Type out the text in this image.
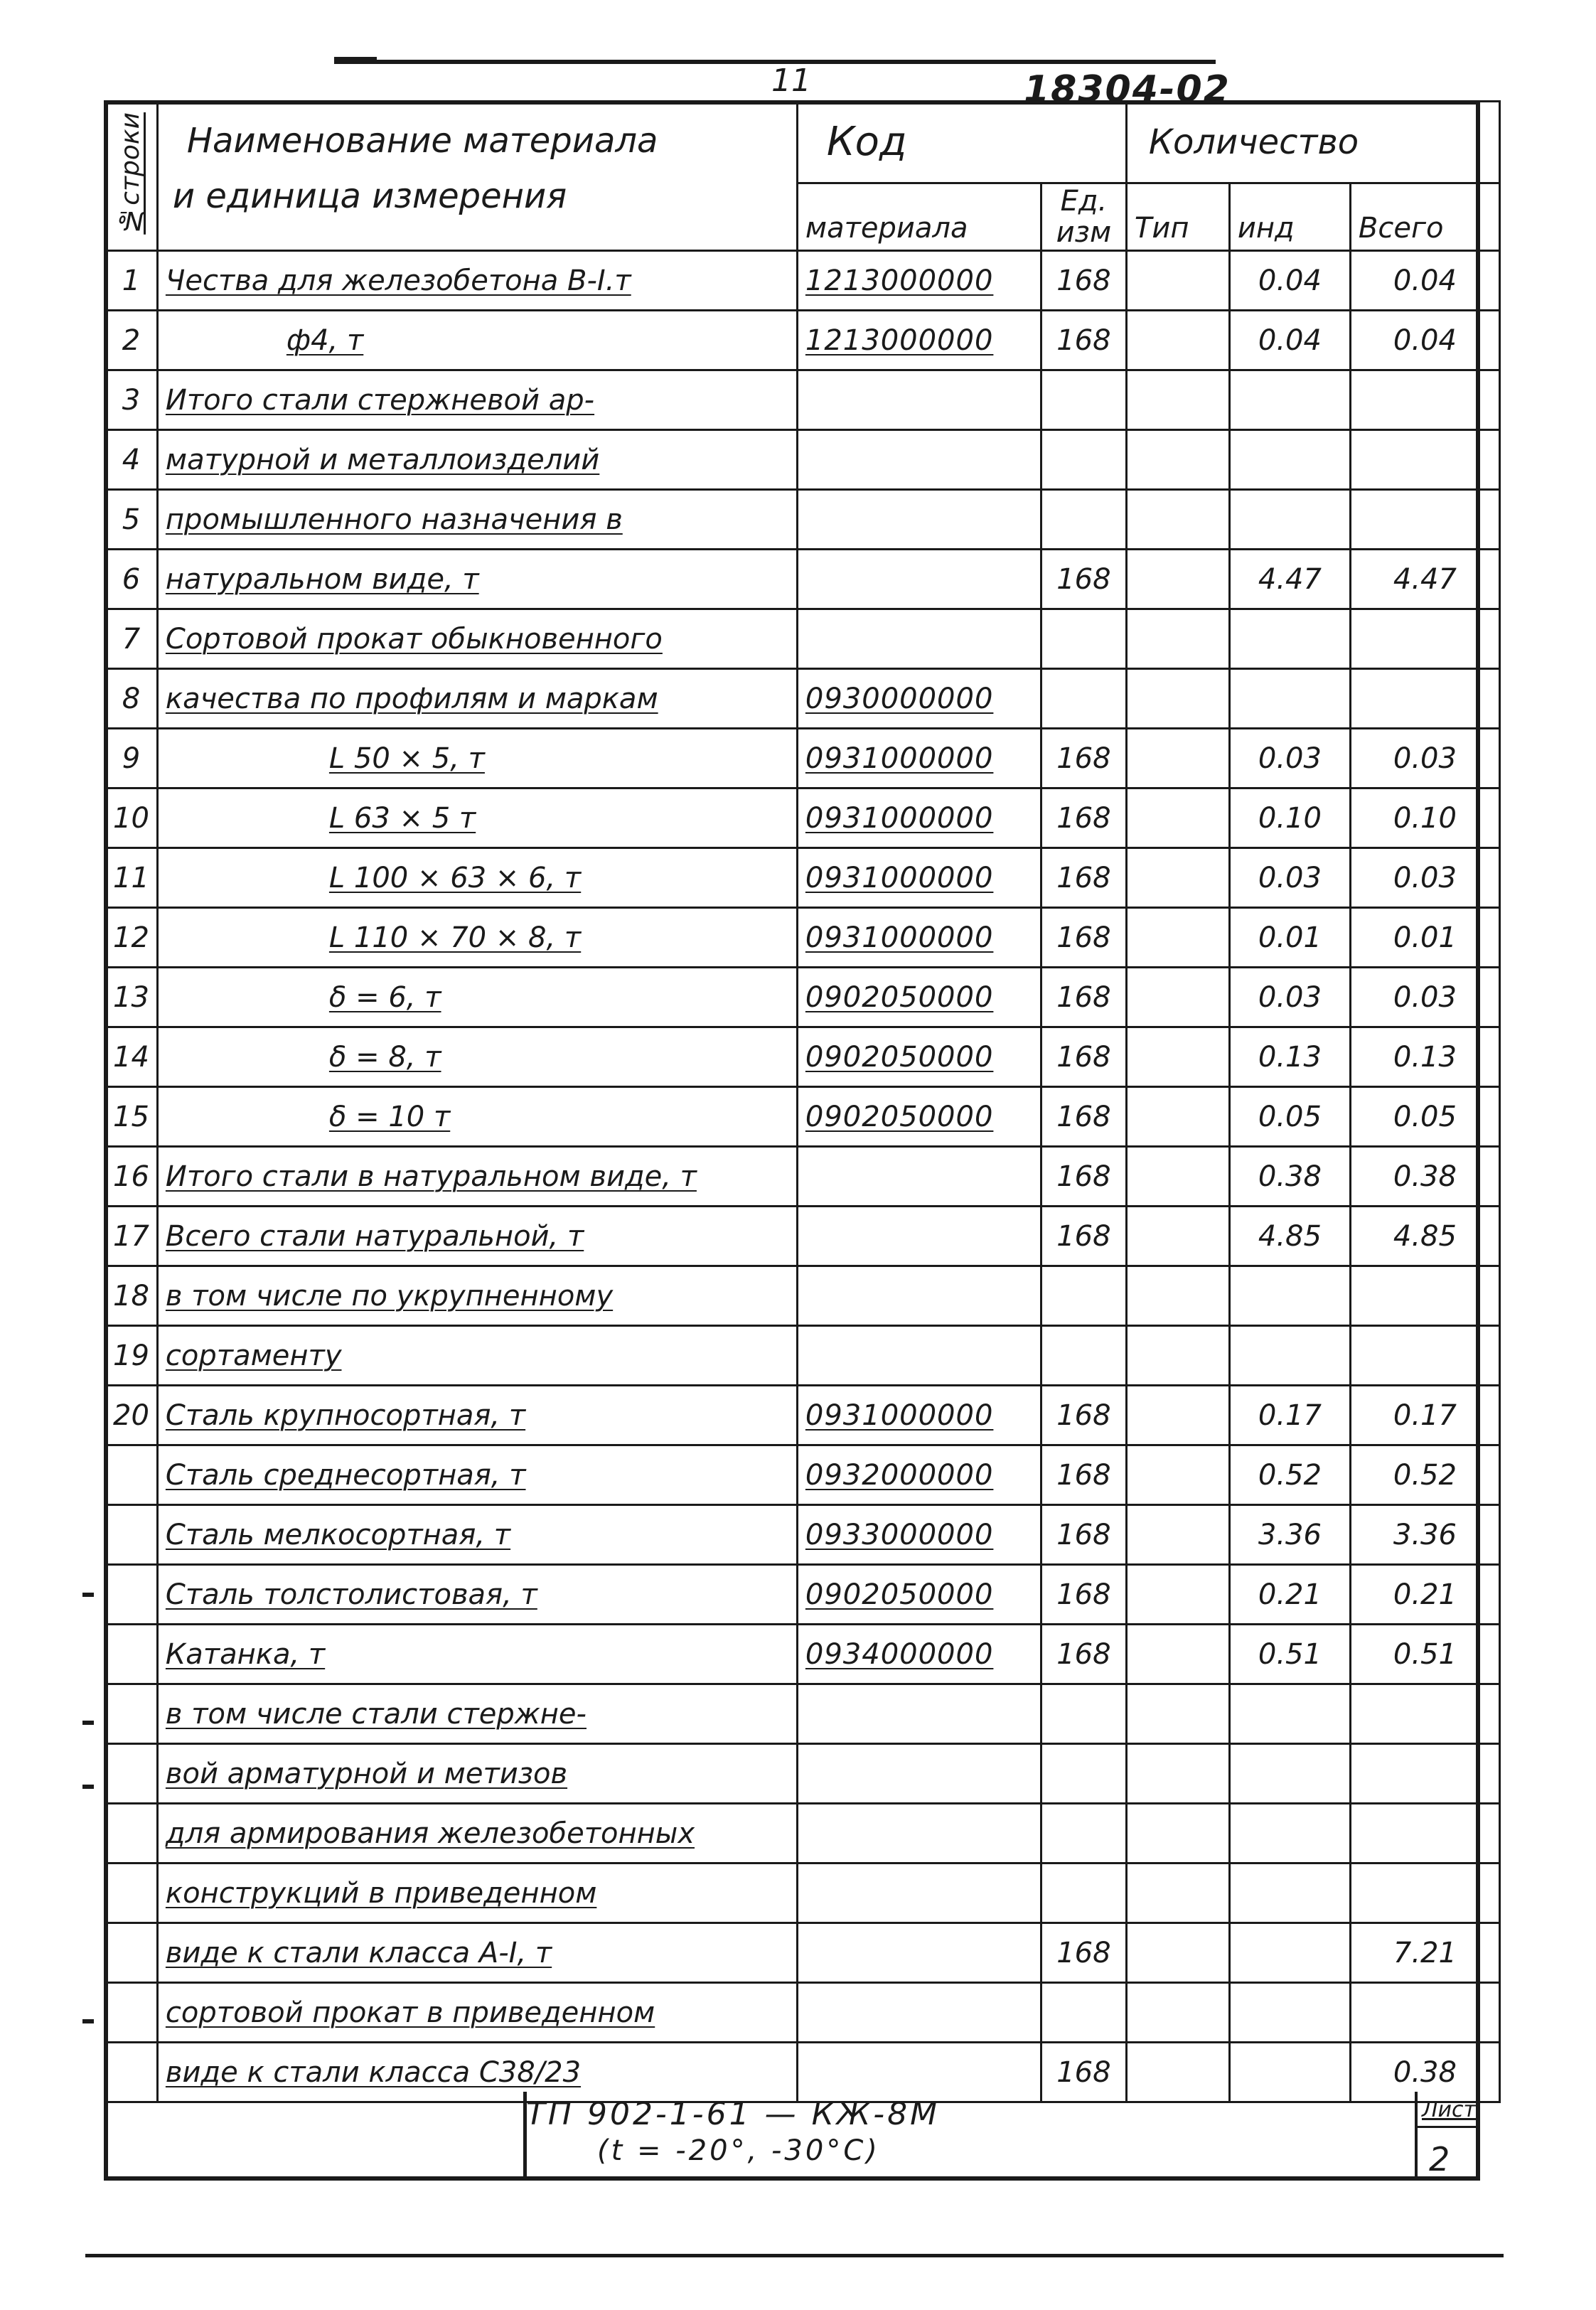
11	18304-02
№строки	Наименование материала
и единица измерения	Код		Количество		
		материала	Ед.
изм	Тип	инд	Всего
1	Чества для железобетона В-I.т	1213000000	168		0.04	0.04
2	ф4, т	1213000000	168		0.04	0.04
3	Итого стали стержневой ар-					
4	матурной и металлоизделий					
5	промышленного назначения в					
6	натуральном виде, т		168		4.47	4.47
7	Сортовой прокат обыкновенного					
8	качества по профилям и маркам	0930000000				
9	L 50 × 5, т	0931000000	168		0.03	0.03
10	L 63 × 5 т	0931000000	168		0.10	0.10
11	L 100 × 63 × 6, т	0931000000	168		0.03	0.03
12	L 110 × 70 × 8, т	0931000000	168		0.01	0.01
13	δ = 6, т	0902050000	168		0.03	0.03
14	δ = 8, т	0902050000	168		0.13	0.13
15	δ = 10 т	0902050000	168		0.05	0.05
16	Итого стали в натуральном виде, т		168		0.38	0.38
17	Всего стали натуральной, т		168		4.85	4.85
18	в том числе по укрупненному					
19	сортаменту					
20	Сталь крупносортная, т	0931000000	168		0.17	0.17
	Сталь среднесортная, т	0932000000	168		0.52	0.52
	Сталь мелкосортная, т	0933000000	168		3.36	3.36
	Сталь толстолистовая, т	0902050000	168		0.21	0.21
	Катанка, т	0934000000	168		0.51	0.51
	в том числе стали стержне-					
	вой арматурной и метизов					
	для армирования железобетонных					
	конструкций в приведенном					
	виде к стали класса А-I, т		168			7.21
	сортовой прокат в приведенном					
	виде к стали класса С38/23		168			0.38
ТП 902-1-61 — КЖ-8М
(t = -20°, -30°С)
Лист
2
